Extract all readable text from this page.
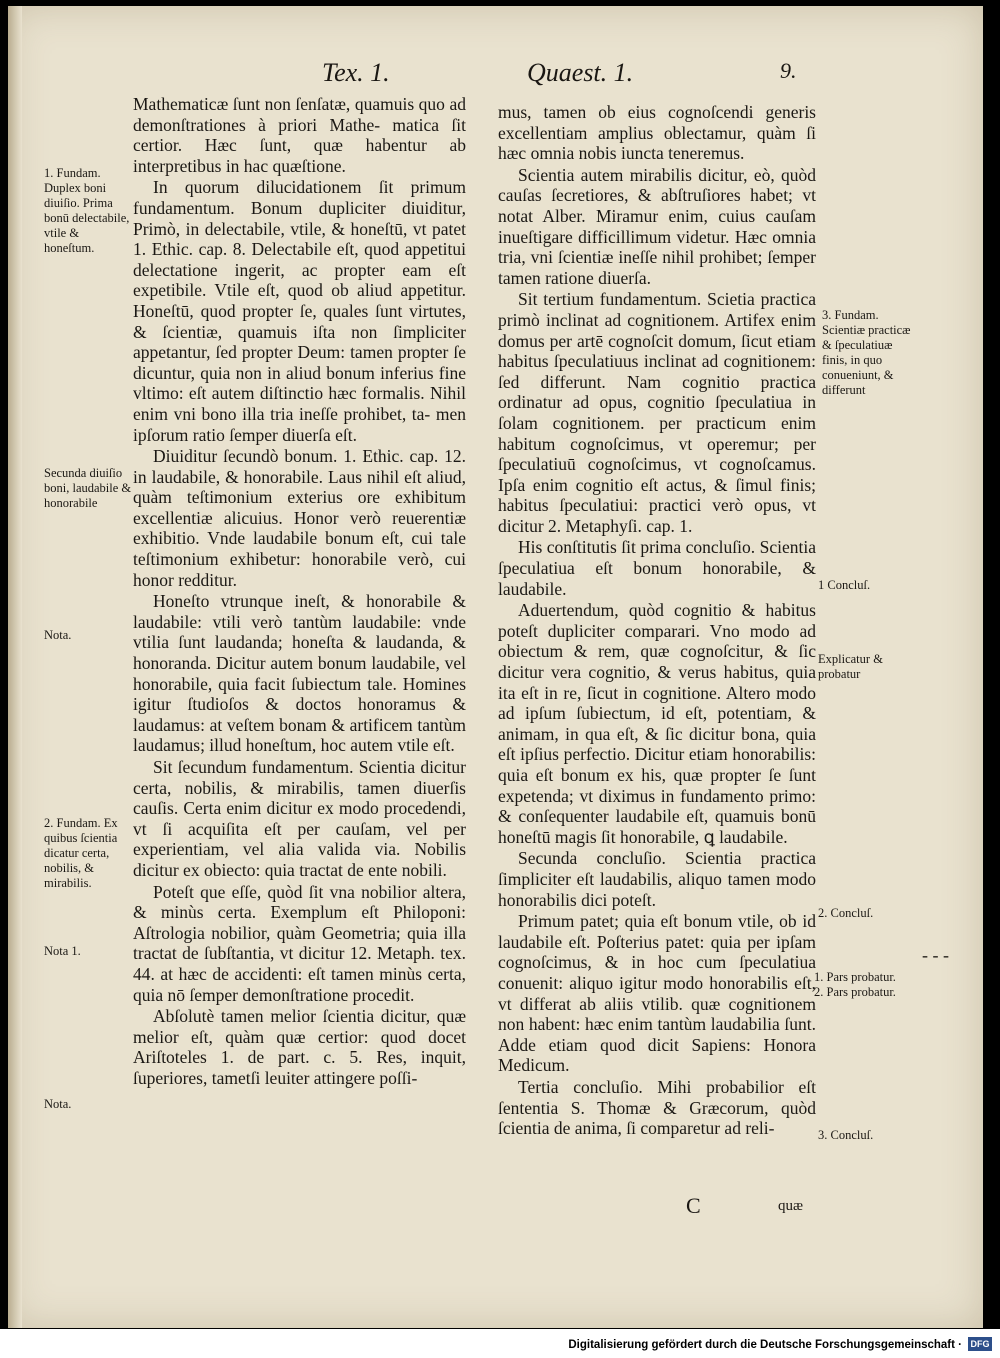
Tex. 1.	Quaest. 1.	9.

Mathematicæ ſunt non ſenſatæ, quamuis quo ad demonſtrationes à priori Mathe- matica ſit certior. Hæc ſunt, quæ habentur ab interpretibus in hac quæſtione.

In quorum dilucidationem ſit primum fundamentum. Bonum dupliciter diuiditur, Primò, in delectabile, vtile, & honeſtū, vt patet 1. Ethic. cap. 8. Delectabile eſt, quod appetitui delectatione ingerit, ac propter eam eſt expetibile. Vtile eſt, quod ob aliud appetitur. Honeſtū, quod propter ſe, quales ſunt virtutes, & ſcientiæ, quamuis iſta non ſimpliciter appetantur, ſed propter Deum: tamen propter ſe dicuntur, quia non in aliud bonum inferius fine vltimo: eſt autem diſtinctio hæc formalis. Nihil enim vni bono illa tria ineſſe prohibet, ta- men ipſorum ratio ſemper diuerſa eſt.

Diuiditur ſecundò bonum. 1. Ethic. cap. 12. in laudabile, & honorabile. Laus nihil eſt aliud, quàm teſtimonium exterius ore exhibitum excellentiæ alicuius. Honor verò reuerentiæ exhibitio. Vnde laudabile bonum eſt, cui tale teſtimonium exhibetur: honorabile verò, cui honor redditur.

Honeſto vtrunque ineſt, & honorabile & laudabile: vtili verò tantùm laudabile: vnde vtilia ſunt laudanda; honeſta & laudanda, & honoranda. Dicitur autem bonum laudabile, vel honorabile, quia facit ſubiectum tale. Homines igitur ſtudioſos & doctos honoramus & laudamus: at veſtem bonam & artificem tantùm laudamus; illud honeſtum, hoc autem vtile eſt.

Sit ſecundum fundamentum. Scientia dicitur certa, nobilis, & mirabilis, tamen diuerſis cauſis. Certa enim dicitur ex modo procedendi, vt ſi acquiſita eſt per cauſam, vel per experientiam, vel alia valida via. Nobilis dicitur ex obiecto: quia tractat de ente nobili.

Poteſt que eſſe, quòd ſit vna nobilior altera, & minùs certa. Exemplum eſt Philoponi: Aſtrologia nobilior, quàm Geometria; quia illa tractat de ſubſtantia, vt dicitur 12. Metaph. tex. 44. at hæc de accidenti: eſt tamen minùs certa, quia nō ſemper demonſtratione procedit.

Abſolutè tamen melior ſcientia dicitur, quæ melior eſt, quàm quæ certior: quod docet Ariſtoteles 1. de part. c. 5. Res, inquit, ſuperiores, tametſi leuiter attingere poſſi-

mus, tamen ob eius cognoſcendi generis excellentiam amplius oblectamur, quàm ſi hæc omnia nobis iuncta teneremus.

Scientia autem mirabilis dicitur, eò, quòd cauſas ſecretiores, & abſtruſiores habet; vt notat Alber. Miramur enim, cuius cauſam inueſtigare difficillimum videtur. Hæc omnia tria, vni ſcientiæ ineſſe nihil prohibet; ſemper tamen ratione diuerſa.

Sit tertium fundamentum. Scietia practica primò inclinat ad cognitionem. Artifex enim domus per artē cognoſcit domum, ſicut etiam habitus ſpeculatiuus inclinat ad cognitionem: ſed differunt. Nam cognitio practica ordinatur ad opus, cognitio ſpeculatiua in ſolam cognitionem. per practicum enim habitum cognoſcimus, vt operemur; per ſpeculatiuū cognoſcimus, vt cognoſcamus. Ipſa enim cognitio eſt actus, & ſimul finis; habitus ſpeculatiui: practici verò opus, vt dicitur 2. Metaphyſi. cap. 1.

His conſtitutis ſit prima concluſio. Scientia ſpeculatiua eſt bonum honorabile, & laudabile.

Aduertendum, quòd cognitio & habitus poteſt dupliciter comparari. Vno modo ad obiectum & rem, quæ cognoſcitur, & ſic dicitur vera cognitio, & verus habitus, quia ita eſt in re, ſicut in cognitione. Altero modo ad ipſum ſubiectum, id eſt, potentiam, & animam, in qua eſt, & ſic dicitur bona, quia eſt ipſius perfectio. Dicitur etiam honorabilis: quia eſt bonum ex his, quæ propter ſe ſunt expetenda; vt diximus in fundamento primo: & conſequenter laudabile eſt, quamuis bonū honeſtū magis ſit honorabile, ꝗ laudabile.

Secunda concluſio. Scientia practica ſimpliciter eſt laudabilis, aliquo tamen modo honorabilis dici poteſt.

Primum patet; quia eſt bonum vtile, ob id laudabile eſt. Poſterius patet: quia per ipſam cognoſcimus, & in hoc cum ſpeculatiua conuenit: aliquo igitur modo honorabilis eſt, vt differat ab aliis vtilib. quæ cognitionem non habent: hæc enim tantùm laudabilia ſunt. Adde etiam quod dicit Sapiens: Honora Medicum.

Tertia concluſio. Mihi probabilior eſt ſententia S. Thomæ & Græcorum, quòd ſcientia de anima, ſi comparetur ad reli-

1. Fundam. Duplex boni diuiſio. Prima bonū delectabile, vtile & honeſtum.
Secunda diuiſio boni, laudabile & honorabile
Nota.
2. Fundam. Ex quibus ſcientia dicatur certa, nobilis, & mirabilis.
Nota 1.
Nota.
3. Fundam. Scientiæ practicæ & ſpeculatiuæ finis, in quo conueniunt, & differunt
1 Concluſ.
Explicatur & probatur
2. Concluſ.
1. Pars probatur. 2. Pars probatur.
3. Concluſ.
- - -
C	quæ
Digitalisierung gefördert durch die Deutsche Forschungsgemeinschaft · DFG
